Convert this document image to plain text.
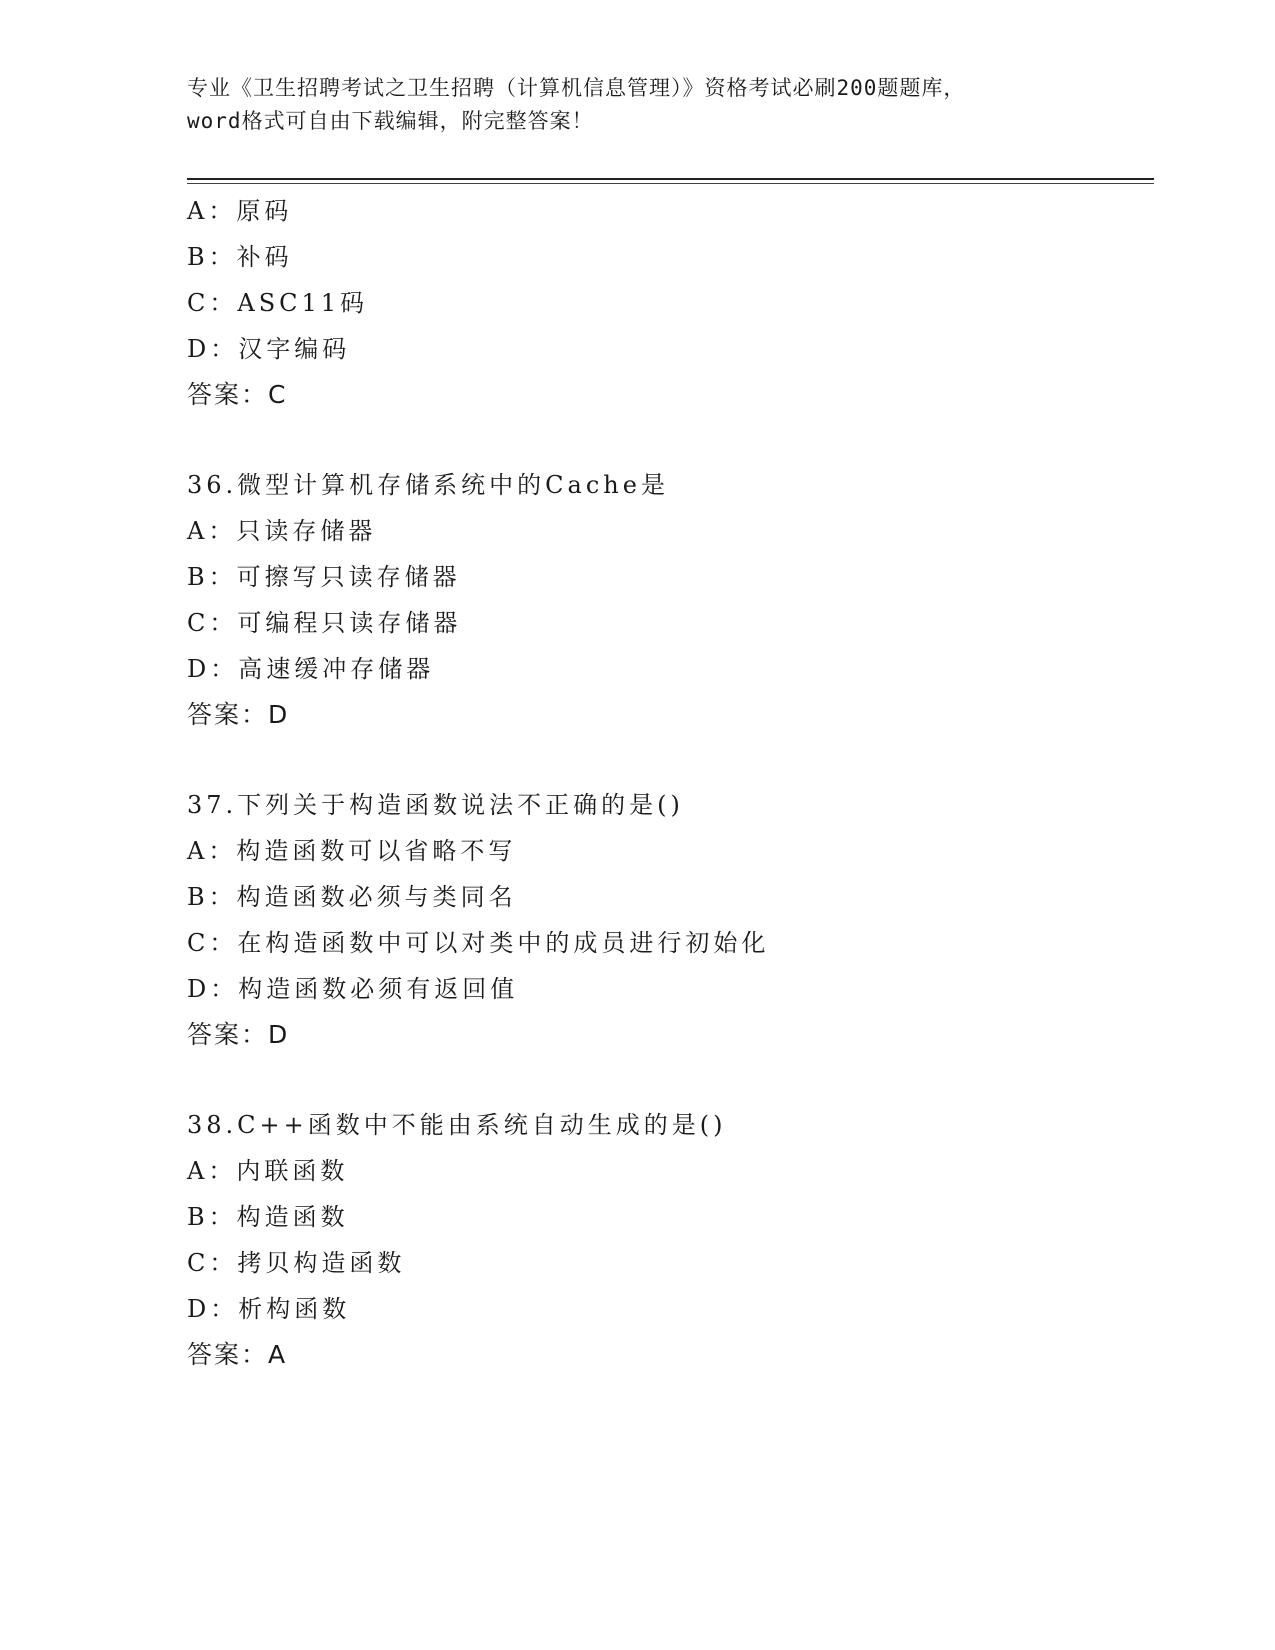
专业《卫生招聘考试之卫生招聘（计算机信息管理）》资格考试必刷200题题库，
word格式可自由下载编辑，附完整答案！
A：原码
B：补码
C：ASC11码
D：汉字编码
答案：C
36.微型计算机存储系统中的Cache是
A：只读存储器
B：可擦写只读存储器
C：可编程只读存储器
D：高速缓冲存储器
答案：D
37.下列关于构造函数说法不正确的是()
A：构造函数可以省略不写
B：构造函数必须与类同名
C：在构造函数中可以对类中的成员进行初始化
D：构造函数必须有返回值
答案：D
38.C++函数中不能由系统自动生成的是()
A：内联函数
B：构造函数
C：拷贝构造函数
D：析构函数
答案：A
